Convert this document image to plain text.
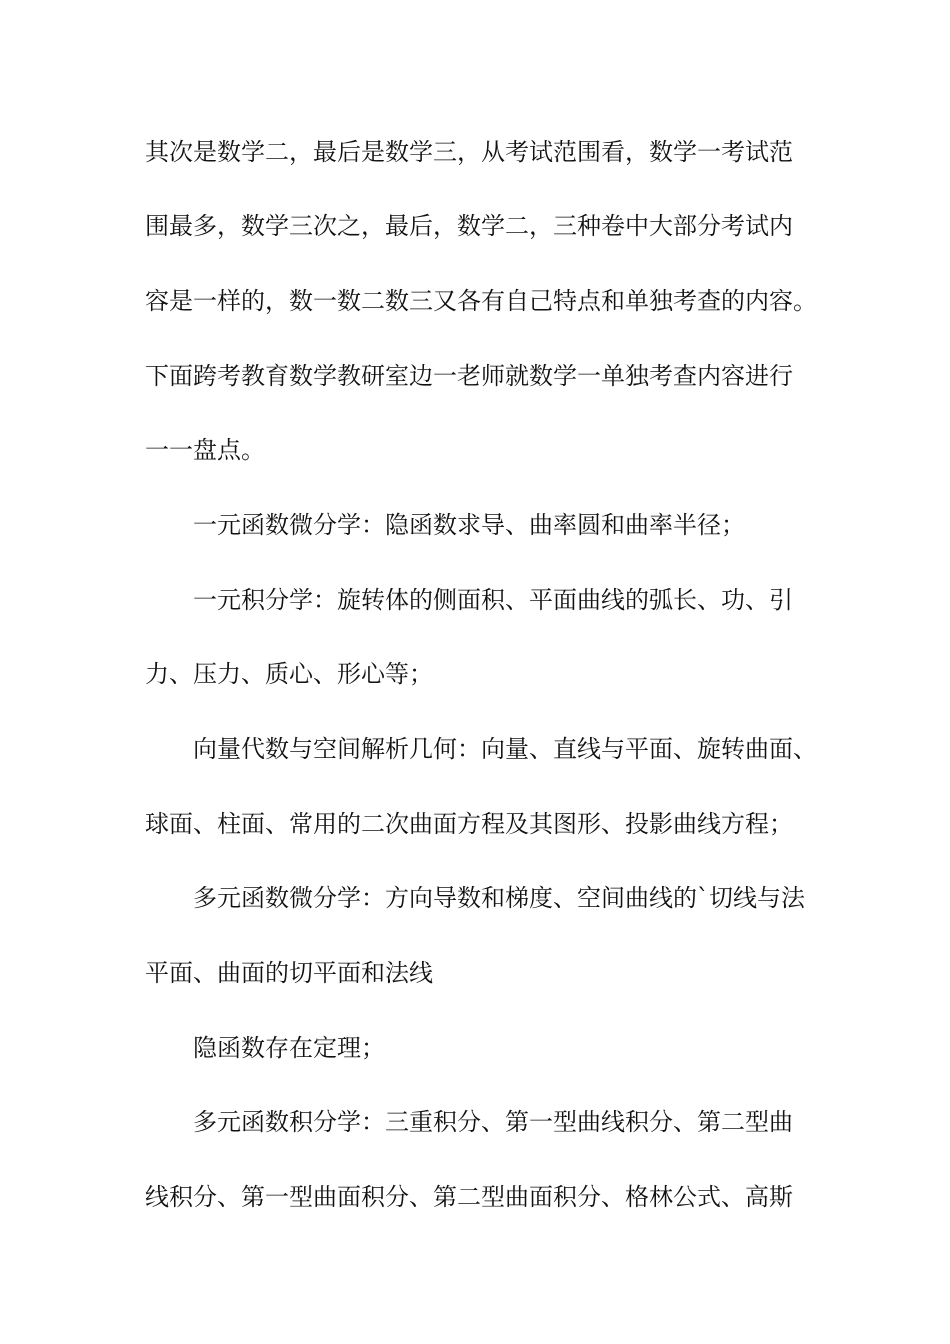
其次是数学二，最后是数学三，从考试范围看，数学一考试范
围最多，数学三次之，最后，数学二，三种卷中大部分考试内
容是一样的，数一数二数三又各有自己特点和单独考查的内容。
下面跨考教育数学教研室边一老师就数学一单独考查内容进行
一一盘点。
一元函数微分学：隐函数求导、曲率圆和曲率半径；
一元积分学：旋转体的侧面积、平面曲线的弧长、功、引
力、压力、质心、形心等；
向量代数与空间解析几何：向量、直线与平面、旋转曲面、
球面、柱面、常用的二次曲面方程及其图形、投影曲线方程；
多元函数微分学：方向导数和梯度、空间曲线的`切线与法
平面、曲面的切平面和法线
隐函数存在定理；
多元函数积分学：三重积分、第一型曲线积分、第二型曲
线积分、第一型曲面积分、第二型曲面积分、格林公式、高斯
